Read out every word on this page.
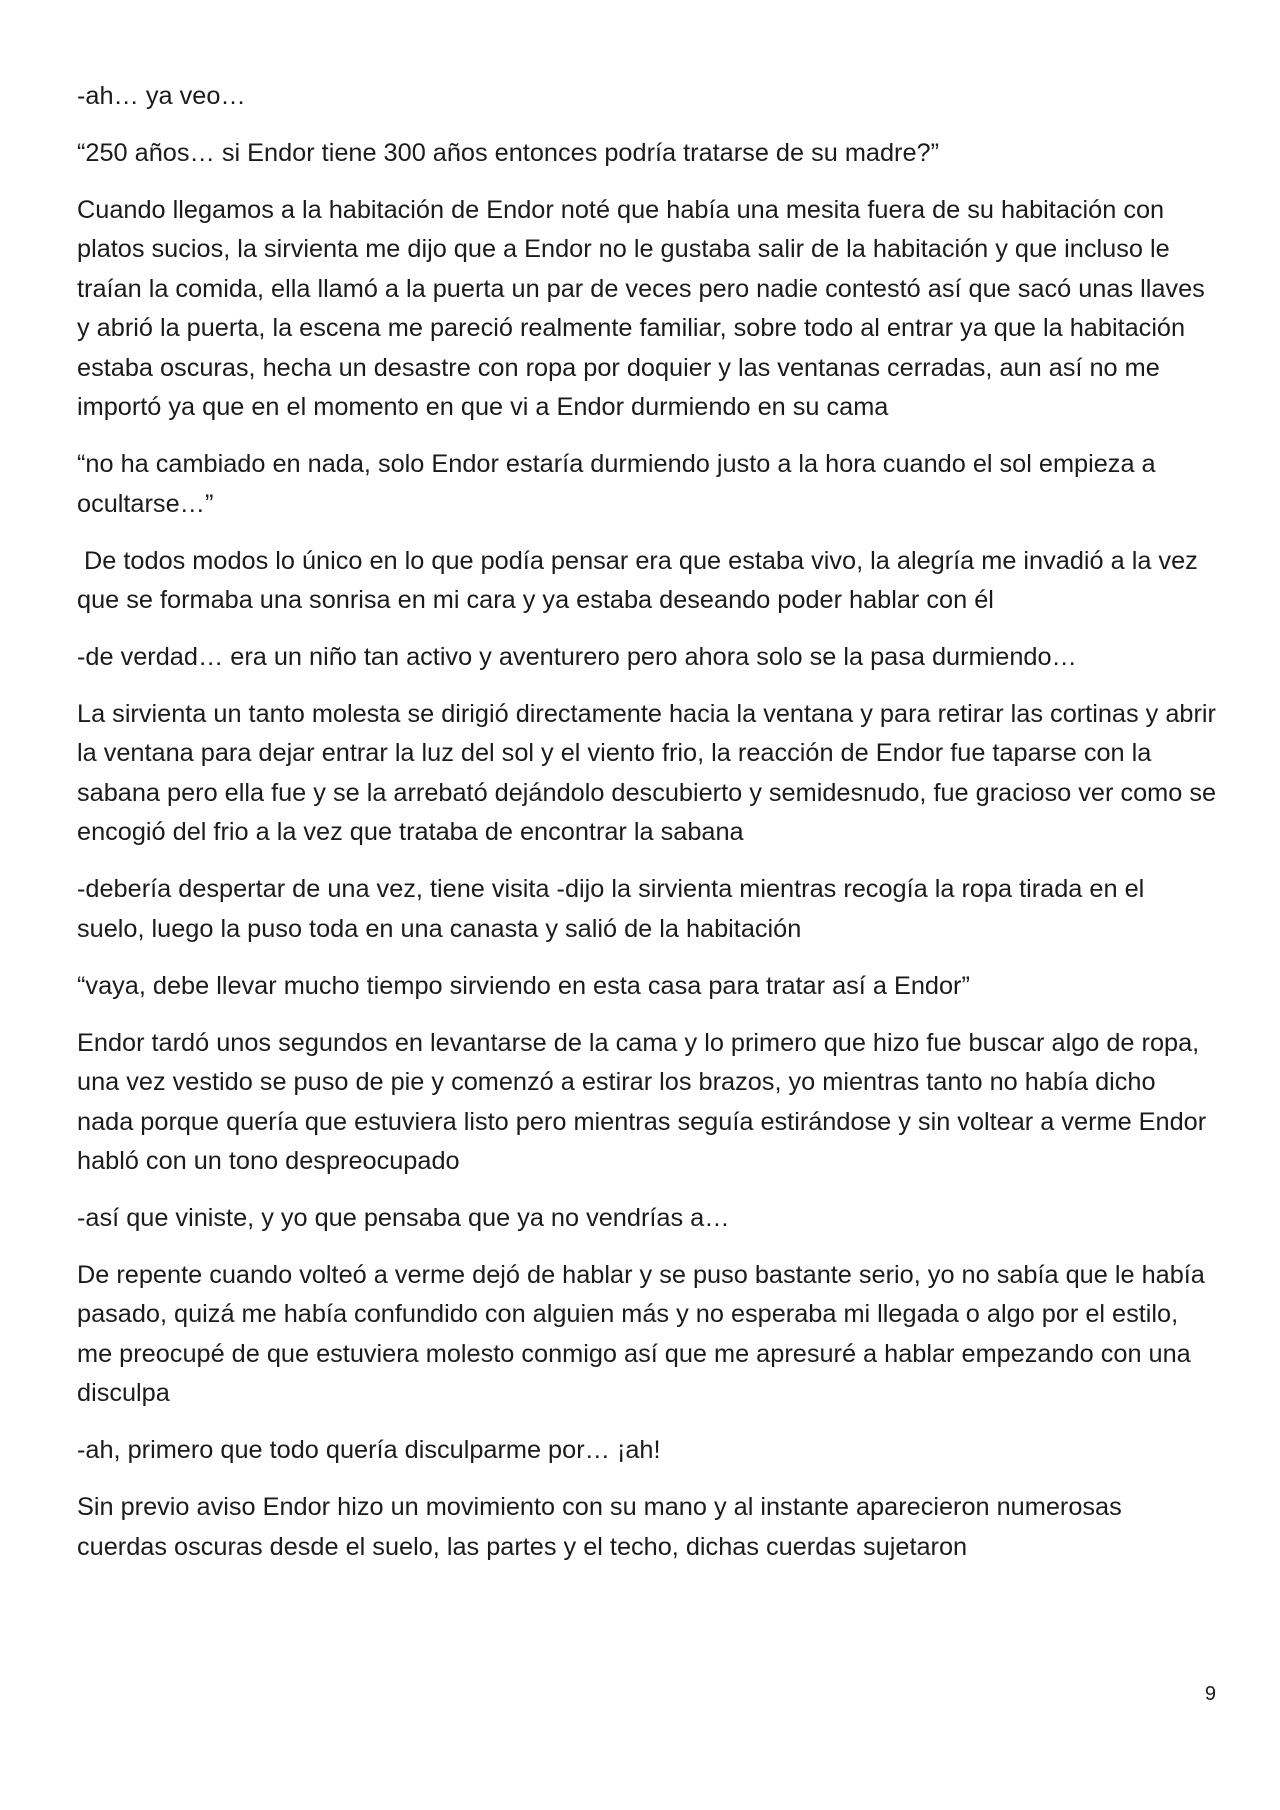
-ah… ya veo…

“250 años… si Endor tiene 300 años entonces podría tratarse de su madre?”

Cuando llegamos a la habitación de Endor noté que había una mesita fuera de su habitación con platos sucios, la sirvienta me dijo que a Endor no le gustaba salir de la habitación y que incluso le traían la comida, ella llamó a la puerta un par de veces pero nadie contestó así que sacó unas llaves y abrió la puerta, la escena me pareció realmente familiar, sobre todo al entrar ya que la habitación estaba oscuras, hecha un desastre con ropa por doquier y las ventanas cerradas, aun así no me importó ya que en el momento en que vi a Endor durmiendo en su cama

“no ha cambiado en nada, solo Endor estaría durmiendo justo a la hora cuando el sol empieza a ocultarse…”

De todos modos lo único en lo que podía pensar era que estaba vivo, la alegría me invadió a la vez que se formaba una sonrisa en mi cara y ya estaba deseando poder hablar con él

-de verdad… era un niño tan activo y aventurero pero ahora solo se la pasa durmiendo…

La sirvienta un tanto molesta se dirigió directamente hacia la ventana y para retirar las cortinas y abrir la ventana para dejar entrar la luz del sol y el viento frio, la reacción de Endor fue taparse con la sabana pero ella fue y se la arrebató dejándolo descubierto y semidesnudo, fue gracioso ver como se encogió del frio a la vez que trataba de encontrar la sabana

-debería despertar de una vez, tiene visita -dijo la sirvienta mientras recogía la ropa tirada en el suelo, luego la puso toda en una canasta y salió de la habitación

“vaya, debe llevar mucho tiempo sirviendo en esta casa para tratar así a Endor”

Endor tardó unos segundos en levantarse de la cama y lo primero que hizo fue buscar algo de ropa, una vez vestido se puso de pie y comenzó a estirar los brazos, yo mientras tanto no había dicho nada porque quería que estuviera listo pero mientras seguía estirándose y sin voltear a verme Endor habló con un tono despreocupado

-así que viniste, y yo que pensaba que ya no vendrías a…

De repente cuando volteó a verme dejó de hablar y se puso bastante serio, yo no sabía que le había pasado, quizá me había confundido con alguien más y no esperaba mi llegada o algo por el estilo, me preocupé de que estuviera molesto conmigo así que me apresuré a hablar empezando con una disculpa

-ah, primero que todo quería disculparme por… ¡ah!

Sin previo aviso Endor hizo un movimiento con su mano y al instante aparecieron numerosas cuerdas oscuras desde el suelo, las partes y el techo, dichas cuerdas sujetaron

9
